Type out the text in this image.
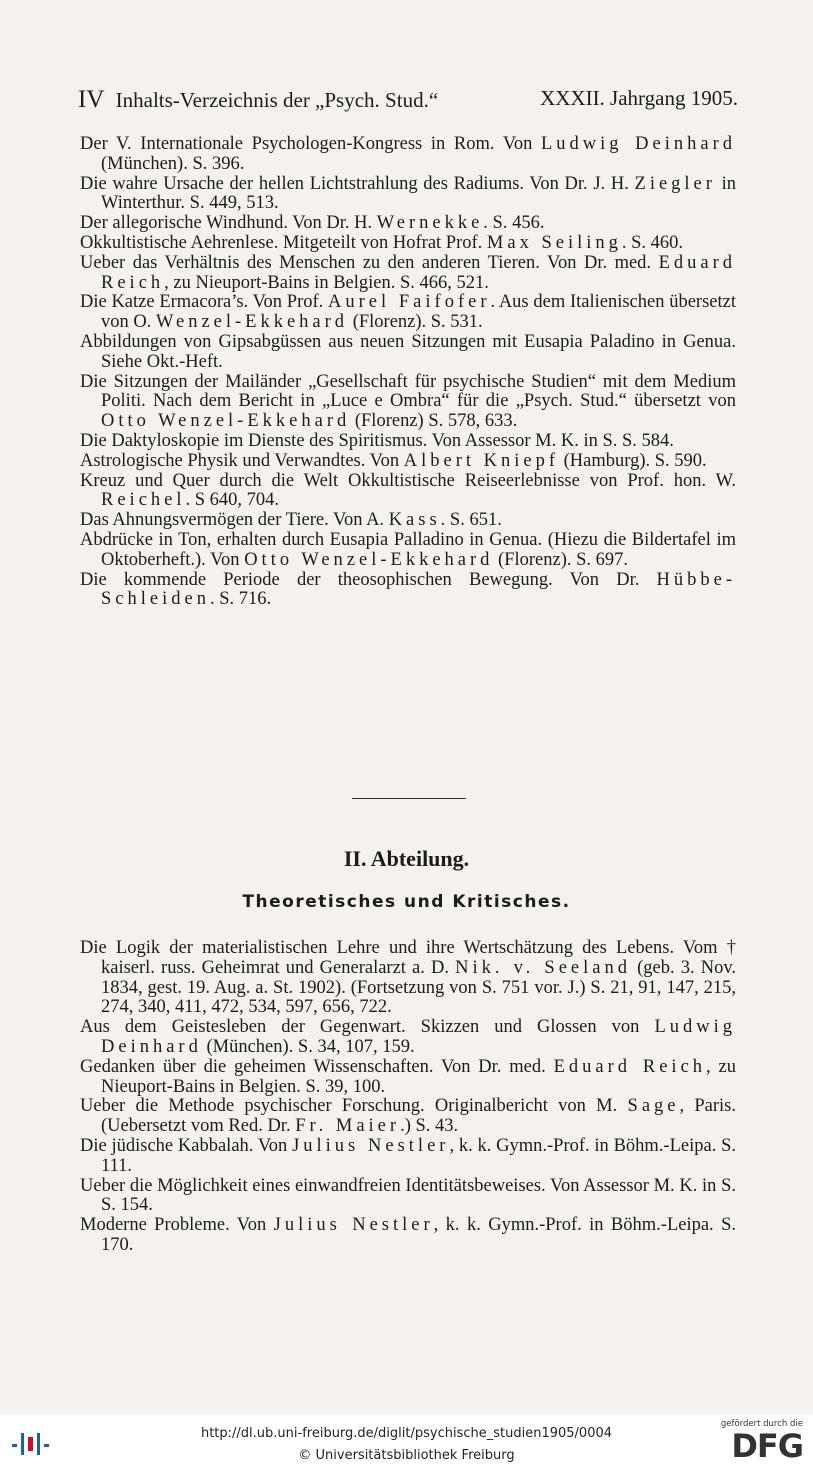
IV Inhalts-Verzeichnis der „Psych. Stud.“	XXXII. Jahrgang 1905.
Der V. Internationale Psychologen-Kongress in Rom. Von Ludwig Deinhard (München). S. 396.
Die wahre Ursache der hellen Lichtstrahlung des Radiums. Von Dr. J. H. Ziegler in Winterthur. S. 449, 513.
Der allegorische Windhund. Von Dr. H. Wernekke. S. 456.
Okkultistische Aehrenlese. Mitgeteilt von Hofrat Prof. Max Seiling. S. 460.
Ueber das Verhältnis des Menschen zu den anderen Tieren. Von Dr. med. Eduard Reich, zu Nieuport-Bains in Belgien. S. 466, 521.
Die Katze Ermacora’s. Von Prof. Aurel Faifofer. Aus dem Italienischen übersetzt von O. Wenzel-Ekkehard (Florenz). S. 531.
Abbildungen von Gipsabgüssen aus neuen Sitzungen mit Eusapia Paladino in Genua. Siehe Okt.-Heft.
Die Sitzungen der Mailänder „Gesellschaft für psychische Studien“ mit dem Medium Politi. Nach dem Bericht in „Luce e Ombra“ für die „Psych. Stud.“ übersetzt von Otto Wenzel-Ekkehard (Florenz) S. 578, 633.
Die Daktyloskopie im Dienste des Spiritismus. Von Assessor M. K. in S. S. 584.
Astrologische Physik und Verwandtes. Von Albert Kniepf (Hamburg). S. 590.
Kreuz und Quer durch die Welt Okkultistische Reiseerlebnisse von Prof. hon. W. Reichel. S 640, 704.
Das Ahnungsvermögen der Tiere. Von A. Kass. S. 651.
Abdrücke in Ton, erhalten durch Eusapia Palladino in Genua. (Hiezu die Bildertafel im Oktoberheft.). Von Otto Wenzel-Ekkehard (Florenz). S. 697.
Die kommende Periode der theosophischen Bewegung. Von Dr. Hübbe-Schleiden. S. 716.
II. Abteilung.
Theoretisches und Kritisches.
Die Logik der materialistischen Lehre und ihre Wertschätzung des Lebens. Vom † kaiserl. russ. Geheimrat und Generalarzt a. D. Nik. v. Seeland (geb. 3. Nov. 1834, gest. 19. Aug. a. St. 1902). (Fortsetzung von S. 751 vor. J.) S. 21, 91, 147, 215, 274, 340, 411, 472, 534, 597, 656, 722.
Aus dem Geistesleben der Gegenwart. Skizzen und Glossen von Ludwig Deinhard (München). S. 34, 107, 159.
Gedanken über die geheimen Wissenschaften. Von Dr. med. Eduard Reich, zu Nieuport-Bains in Belgien. S. 39, 100.
Ueber die Methode psychischer Forschung. Originalbericht von M. Sage, Paris. (Uebersetzt vom Red. Dr. Fr. Maier.) S. 43.
Die jüdische Kabbalah. Von Julius Nestler, k. k. Gymn.-Prof. in Böhm.-Leipa. S. 111.
Ueber die Möglichkeit eines einwandfreien Identitätsbeweises. Von Assessor M. K. in S. S. 154.
Moderne Probleme. Von Julius Nestler, k. k. Gymn.-Prof. in Böhm.-Leipa. S. 170.
http://dl.ub.uni-freiburg.de/diglit/psychische_studien1905/0004
© Universitätsbibliothek Freiburg
gefördert durch die
DFG
